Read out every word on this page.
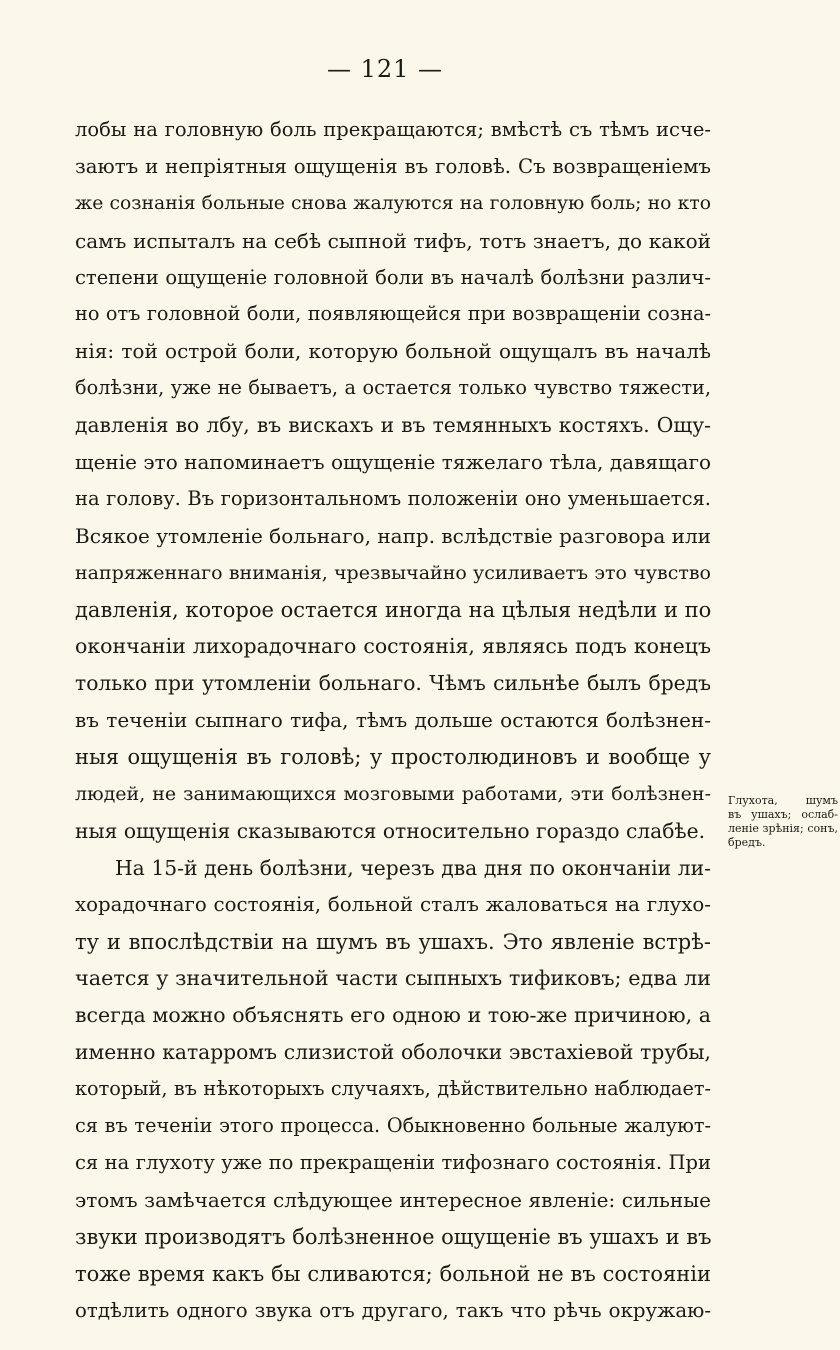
— 121 —
лобы на головную боль прекращаются; вмѣстѣ съ тѣмъ исче-
заютъ и непріятныя ощущенія въ головѣ. Съ возвращеніемъ
же сознанія больные снова жалуются на головную боль; но кто
самъ испыталъ на себѣ сыпной тифъ, тотъ знаетъ, до какой
степени ощущеніе головной боли въ началѣ болѣзни различ-
но отъ головной боли, появляющейся при возвращеніи созна-
нія: той острой боли, которую больной ощущалъ въ началѣ
болѣзни, уже не бываетъ, а остается только чувство тяжести,
давленія во лбу, въ вискахъ и въ темянныхъ костяхъ. Ощу-
щеніе это напоминаетъ ощущеніе тяжелаго тѣла, давящаго
на голову. Въ горизонтальномъ положеніи оно уменьшается.
Всякое утомленіе больнаго, напр. вслѣдствіе разговора или
напряженнаго вниманія, чрезвычайно усиливаетъ это чувство
давленія, которое остается иногда на цѣлыя недѣли и по
окончаніи лихорадочнаго состоянія, являясь подъ конецъ
только при утомленіи больнаго. Чѣмъ сильнѣе былъ бредъ
въ теченіи сыпнаго тифа, тѣмъ дольше остаются болѣзнен-
ныя ощущенія въ головѣ; у простолюдиновъ и вообще у
людей, не занимающихся мозговыми работами, эти болѣзнен-
ныя ощущенія сказываются относительно гораздо слабѣе.
На 15-й день болѣзни, черезъ два дня по окончаніи ли-
хорадочнаго состоянія, больной сталъ жаловаться на глухо-
ту и впослѣдствіи на шумъ въ ушахъ. Это явленіе встрѣ-
чается у значительной части сыпныхъ тификовъ; едва ли
всегда можно объяснять его одною и тою-же причиною, а
именно катарромъ слизистой оболочки эвстахіевой трубы,
который, въ нѣкоторыхъ случаяхъ, дѣйствительно наблюдает-
ся въ теченіи этого процесса. Обыкновенно больные жалуют-
ся на глухоту уже по прекращеніи тифознаго состоянія. При
этомъ замѣчается слѣдующее интересное явленіе: сильные
звуки производятъ болѣзненное ощущеніе въ ушахъ и въ
тоже время какъ бы сливаются; больной не въ состояніи
отдѣлить одного звука отъ другаго, такъ что рѣчь окружаю-
Глухота, шумъ
въ ушахъ; ослаб-
леніе зрѣнія; сонъ,
бредъ.
